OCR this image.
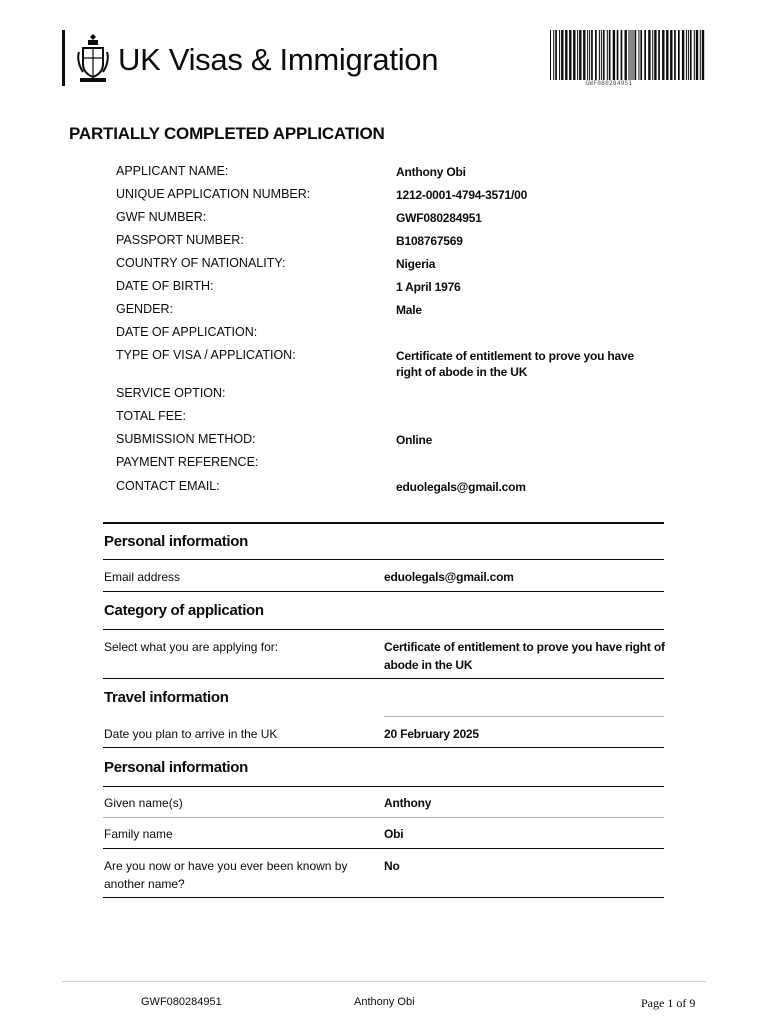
UK Visas & Immigration
GWF080284951
PARTIALLY COMPLETED APPLICATION
APPLICANT NAME:	Anthony Obi
UNIQUE APPLICATION NUMBER:	1212-0001-4794-3571/00
GWF NUMBER:	GWF080284951
PASSPORT NUMBER:	B108767569
COUNTRY OF NATIONALITY:	Nigeria
DATE OF BIRTH:	1 April 1976
GENDER:	Male
DATE OF APPLICATION:
TYPE OF VISA / APPLICATION:	Certificate of entitlement to prove you have
right of abode in the UK
SERVICE OPTION:
TOTAL FEE:
SUBMISSION METHOD:	Online
PAYMENT REFERENCE:
CONTACT EMAIL:	eduolegals@gmail.com
Personal information
Email address	eduolegals@gmail.com
Category of application
Select what you are applying for:	Certificate of entitlement to prove you have right of
abode in the UK
Travel information
Date you plan to arrive in the UK	20 February 2025
Personal information
Given name(s)	Anthony
Family name	Obi
Are you now or have you ever been known by
another name?
No
GWF080284951	Anthony Obi	Page 1 of 9
